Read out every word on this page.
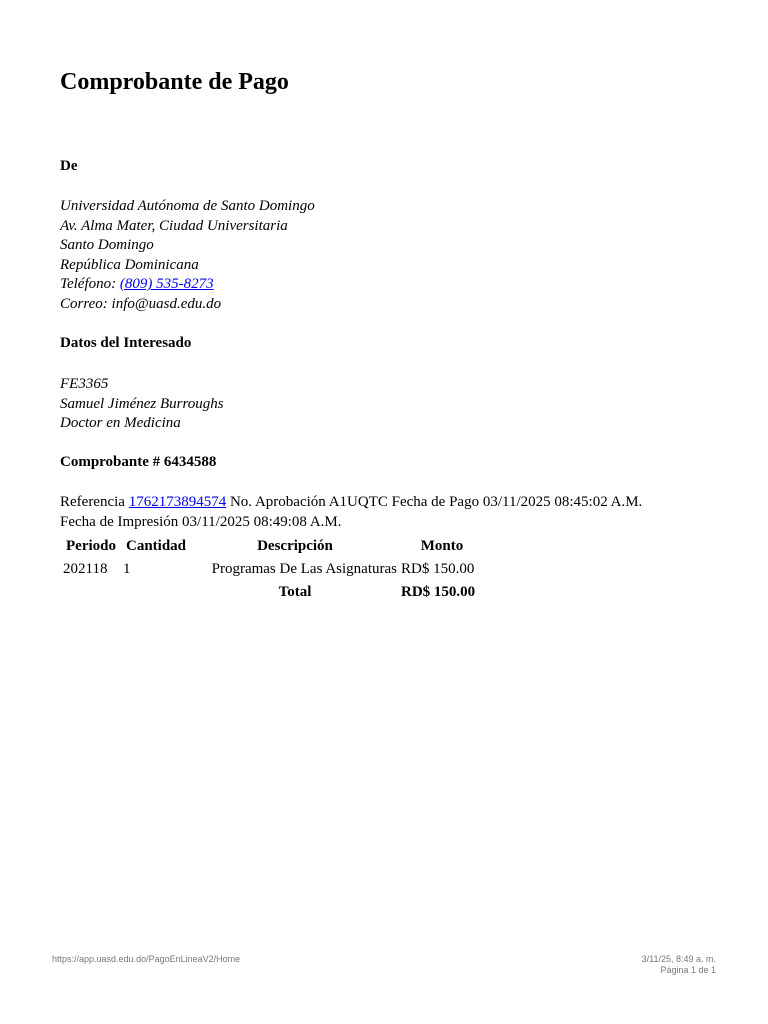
Comprobante de Pago
De
Universidad Autónoma de Santo Domingo
Av. Alma Mater, Ciudad Universitaria
Santo Domingo
República Dominicana
Teléfono: (809) 535-8273
Correo: info@uasd.edu.do
Datos del Interesado
FE3365
Samuel Jiménez Burroughs
Doctor en Medicina
Comprobante # 6434588
Referencia 1762173894574 No. Aprobación A1UQTC Fecha de Pago 03/11/2025 08:45:02 A.M.
Fecha de Impresión 03/11/2025 08:49:08 A.M.
Periodo	Cantidad	Descripción	Monto
202118	1	Programas De Las Asignaturas	RD$ 150.00
		Total	RD$ 150.00
https://app.uasd.edu.do/PagoEnLineaV2/Home	3/11/25, 8:49 a. m.
Página 1 de 1
